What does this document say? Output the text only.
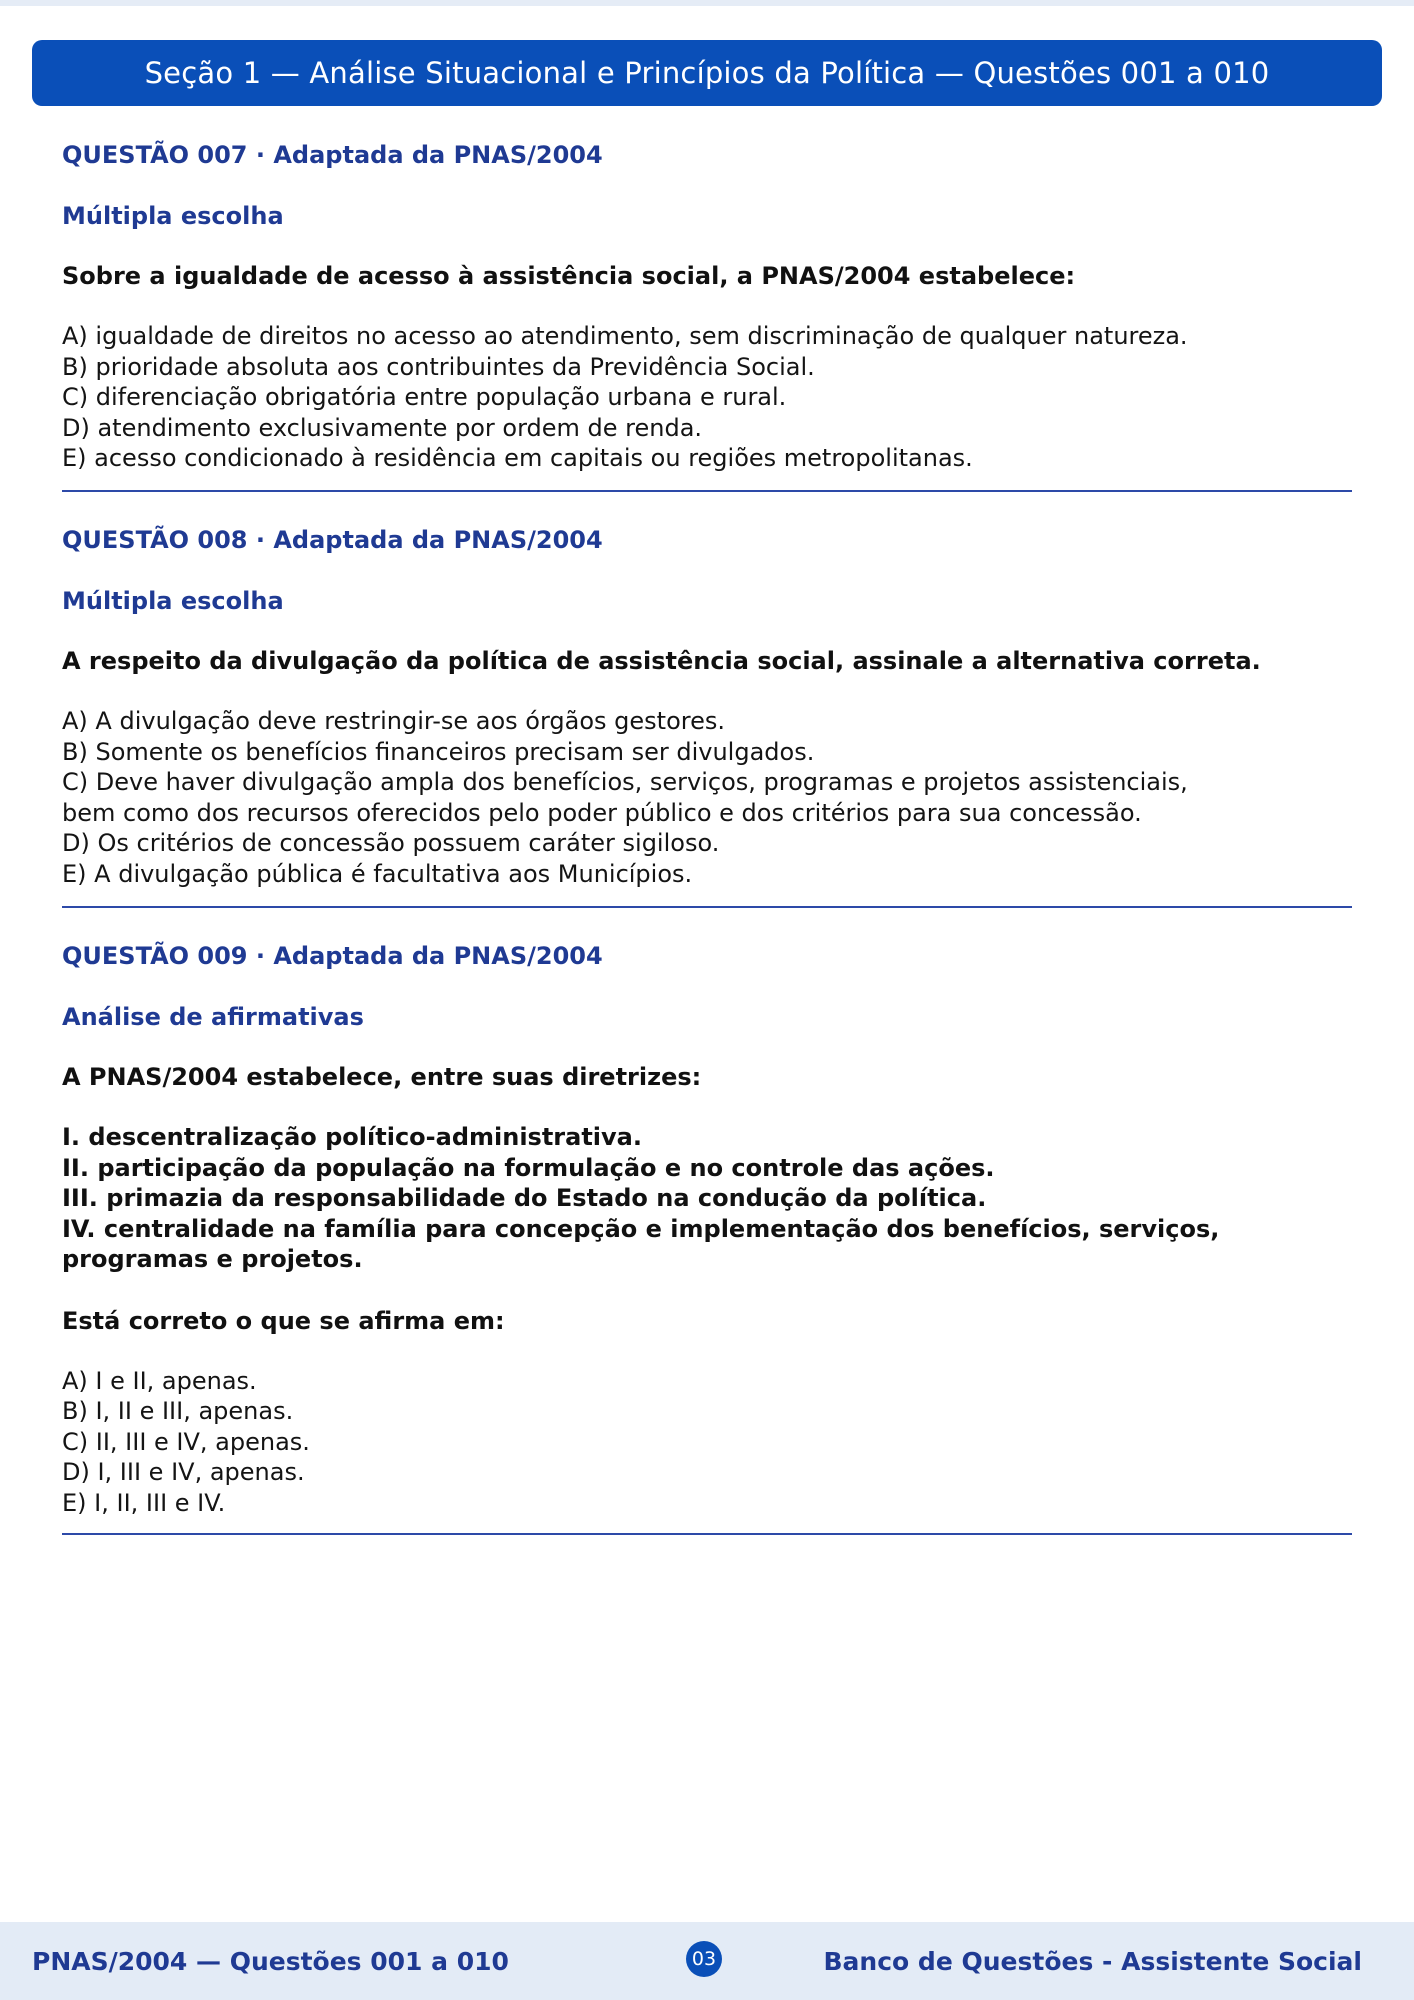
Seção 1 — Análise Situacional e Princípios da Política — Questões 001 a 010
QUESTÃO 007 · Adaptada da PNAS/2004
Múltipla escolha
Sobre a igualdade de acesso à assistência social, a PNAS/2004 estabelece:
A) igualdade de direitos no acesso ao atendimento, sem discriminação de qualquer natureza.
B) prioridade absoluta aos contribuintes da Previdência Social.
C) diferenciação obrigatória entre população urbana e rural.
D) atendimento exclusivamente por ordem de renda.
E) acesso condicionado à residência em capitais ou regiões metropolitanas.
QUESTÃO 008 · Adaptada da PNAS/2004
Múltipla escolha
A respeito da divulgação da política de assistência social, assinale a alternativa correta.
A) A divulgação deve restringir-se aos órgãos gestores.
B) Somente os benefícios financeiros precisam ser divulgados.
C) Deve haver divulgação ampla dos benefícios, serviços, programas e projetos assistenciais,
bem como dos recursos oferecidos pelo poder público e dos critérios para sua concessão.
D) Os critérios de concessão possuem caráter sigiloso.
E) A divulgação pública é facultativa aos Municípios.
QUESTÃO 009 · Adaptada da PNAS/2004
Análise de afirmativas
A PNAS/2004 estabelece, entre suas diretrizes:
I. descentralização político-administrativa.
II. participação da população na formulação e no controle das ações.
III. primazia da responsabilidade do Estado na condução da política.
IV. centralidade na família para concepção e implementação dos benefícios, serviços,
programas e projetos.
Está correto o que se afirma em:
A) I e II, apenas.
B) I, II e III, apenas.
C) II, III e IV, apenas.
D) I, III e IV, apenas.
E) I, II, III e IV.
PNAS/2004 — Questões 001 a 010	03	Banco de Questões - Assistente Social
